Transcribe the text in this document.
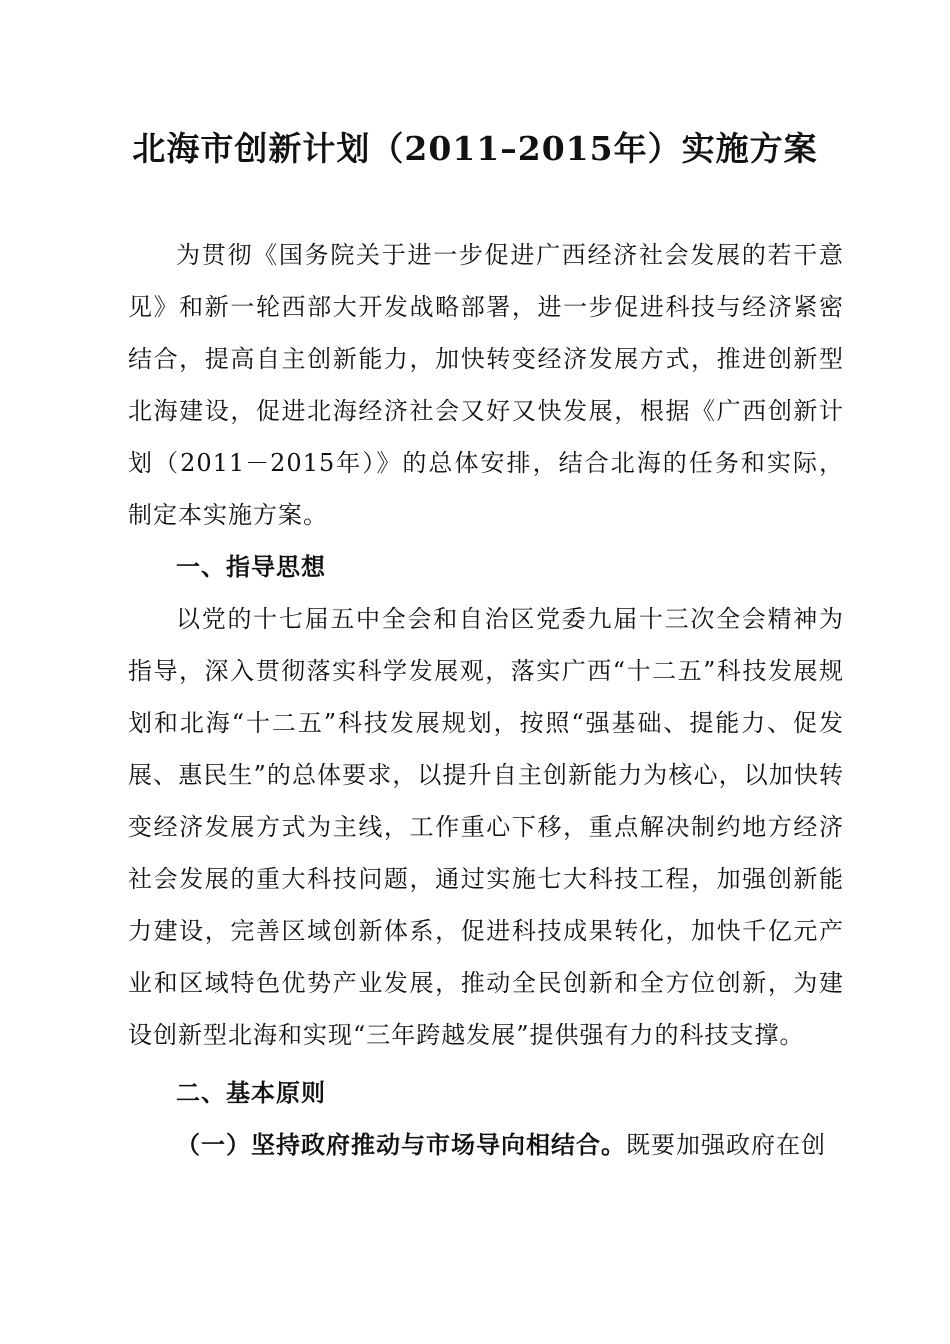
北海市创新计划（2011–2015年）实施方案

为贯彻《国务院关于进一步促进广西经济社会发展的若干意见》和新一轮西部大开发战略部署，进一步促进科技与经济紧密结合，提高自主创新能力，加快转变经济发展方式，推进创新型北海建设，促进北海经济社会又好又快发展，根据《广西创新计划（2011－2015年）》的总体安排，结合北海的任务和实际，制定本实施方案。

一、指导思想

以党的十七届五中全会和自治区党委九届十三次全会精神为指导，深入贯彻落实科学发展观，落实广西“十二五”科技发展规划和北海“十二五”科技发展规划，按照“强基础、提能力、促发展、惠民生”的总体要求，以提升自主创新能力为核心，以加快转变经济发展方式为主线，工作重心下移，重点解决制约地方经济社会发展的重大科技问题，通过实施七大科技工程，加强创新能力建设，完善区域创新体系，促进科技成果转化，加快千亿元产业和区域特色优势产业发展，推动全民创新和全方位创新，为建设创新型北海和实现“三年跨越发展”提供强有力的科技支撑。

二、基本原则

（一）坚持政府推动与市场导向相结合。既要加强政府在创
